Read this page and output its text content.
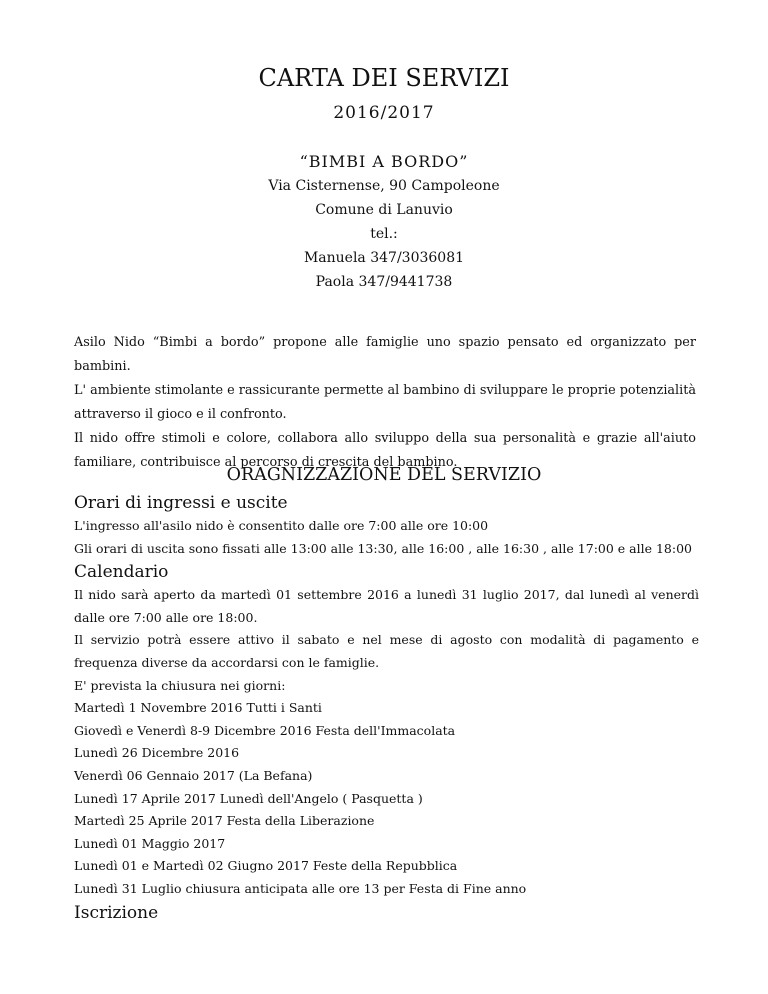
CARTA DEI SERVIZI
2016/2017
“BIMBI A BORDO”
Via Cisternense, 90 Campoleone
Comune di Lanuvio
tel.:
Manuela 347/3036081
Paola 347/9441738

Asilo Nido “Bimbi a bordo” propone alle famiglie uno spazio pensato ed organizzato per bambini.

L' ambiente stimolante e rassicurante permette al bambino di sviluppare le proprie potenzialità attraverso il gioco e il confronto.

Il nido offre stimoli e colore, collabora allo sviluppo della sua personalità e grazie all'aiuto familiare, contribuisce al percorso di crescita del bambino.

ORAGNIZZAZIONE DEL SERVIZIO

Orari di ingressi e uscite

L'ingresso all'asilo nido è consentito dalle ore 7:00 alle ore 10:00

Gli orari di uscita sono fissati alle 13:00 alle 13:30, alle 16:00 , alle 16:30 , alle 17:00 e alle 18:00

Calendario

Il nido sarà aperto da martedì 01 settembre 2016 a lunedì 31 luglio 2017, dal lunedì al venerdì dalle ore 7:00 alle ore 18:00.

Il servizio potrà essere attivo il sabato e nel mese di agosto con modalità di pagamento e frequenza diverse da accordarsi con le famiglie.

E' prevista la chiusura nei giorni:

Martedì 1 Novembre 2016 Tutti i Santi

Giovedì e Venerdì 8-9 Dicembre 2016 Festa dell'Immacolata

Lunedì 26 Dicembre 2016

Venerdì 06 Gennaio 2017 (La Befana)

Lunedì 17 Aprile 2017 Lunedì dell'Angelo ( Pasquetta )

Martedì 25 Aprile 2017 Festa della Liberazione

Lunedì 01 Maggio 2017

Lunedì 01 e Martedì 02 Giugno 2017 Feste della Repubblica

Lunedì 31 Luglio chiusura anticipata alle ore 13 per Festa di Fine anno

Iscrizione
